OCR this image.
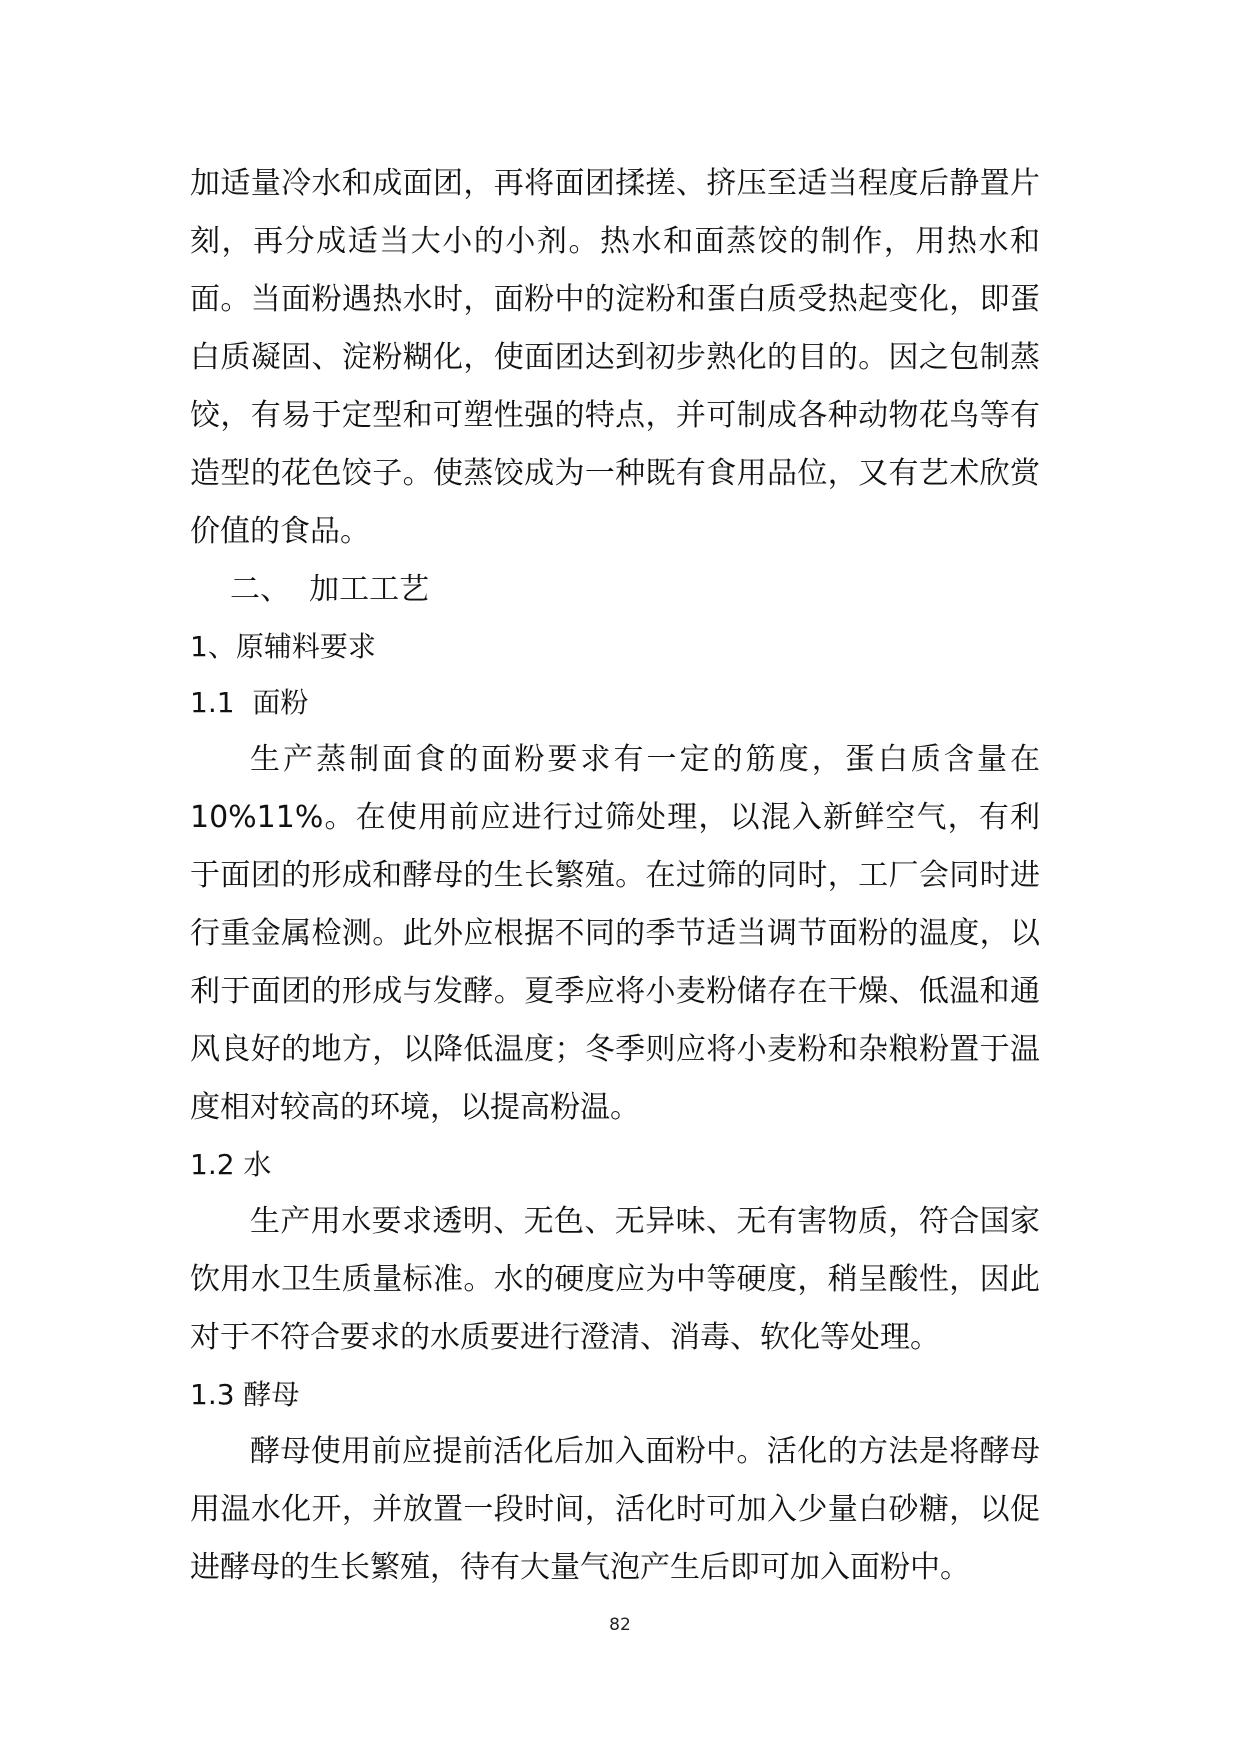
加适量冷水和成面团，再将面团揉搓、挤压至适当程度后静置片刻，再分成适当大小的小剂。热水和面蒸饺的制作，用热水和面。当面粉遇热水时，面粉中的淀粉和蛋白质受热起变化，即蛋白质凝固、淀粉糊化，使面团达到初步熟化的目的。因之包制蒸饺，有易于定型和可塑性强的特点，并可制成各种动物花鸟等有造型的花色饺子。使蒸饺成为一种既有食用品位，又有艺术欣赏价值的食品。

二、  加工工艺

1、原辅料要求

1.1  面粉

生产蒸制面食的面粉要求有一定的筋度，蛋白质含量在 10%11%。在使用前应进行过筛处理，以混入新鲜空气，有利于面团的形成和酵母的生长繁殖。在过筛的同时，工厂会同时进行重金属检测。此外应根据不同的季节适当调节面粉的温度，以利于面团的形成与发酵。夏季应将小麦粉储存在干燥、低温和通风良好的地方，以降低温度；冬季则应将小麦粉和杂粮粉置于温度相对较高的环境，以提高粉温。

1.2 水

生产用水要求透明、无色、无异味、无有害物质，符合国家饮用水卫生质量标准。水的硬度应为中等硬度，稍呈酸性，因此对于不符合要求的水质要进行澄清、消毒、软化等处理。

1.3 酵母

酵母使用前应提前活化后加入面粉中。活化的方法是将酵母用温水化开，并放置一段时间，活化时可加入少量白砂糖，以促进酵母的生长繁殖，待有大量气泡产生后即可加入面粉中。

82
